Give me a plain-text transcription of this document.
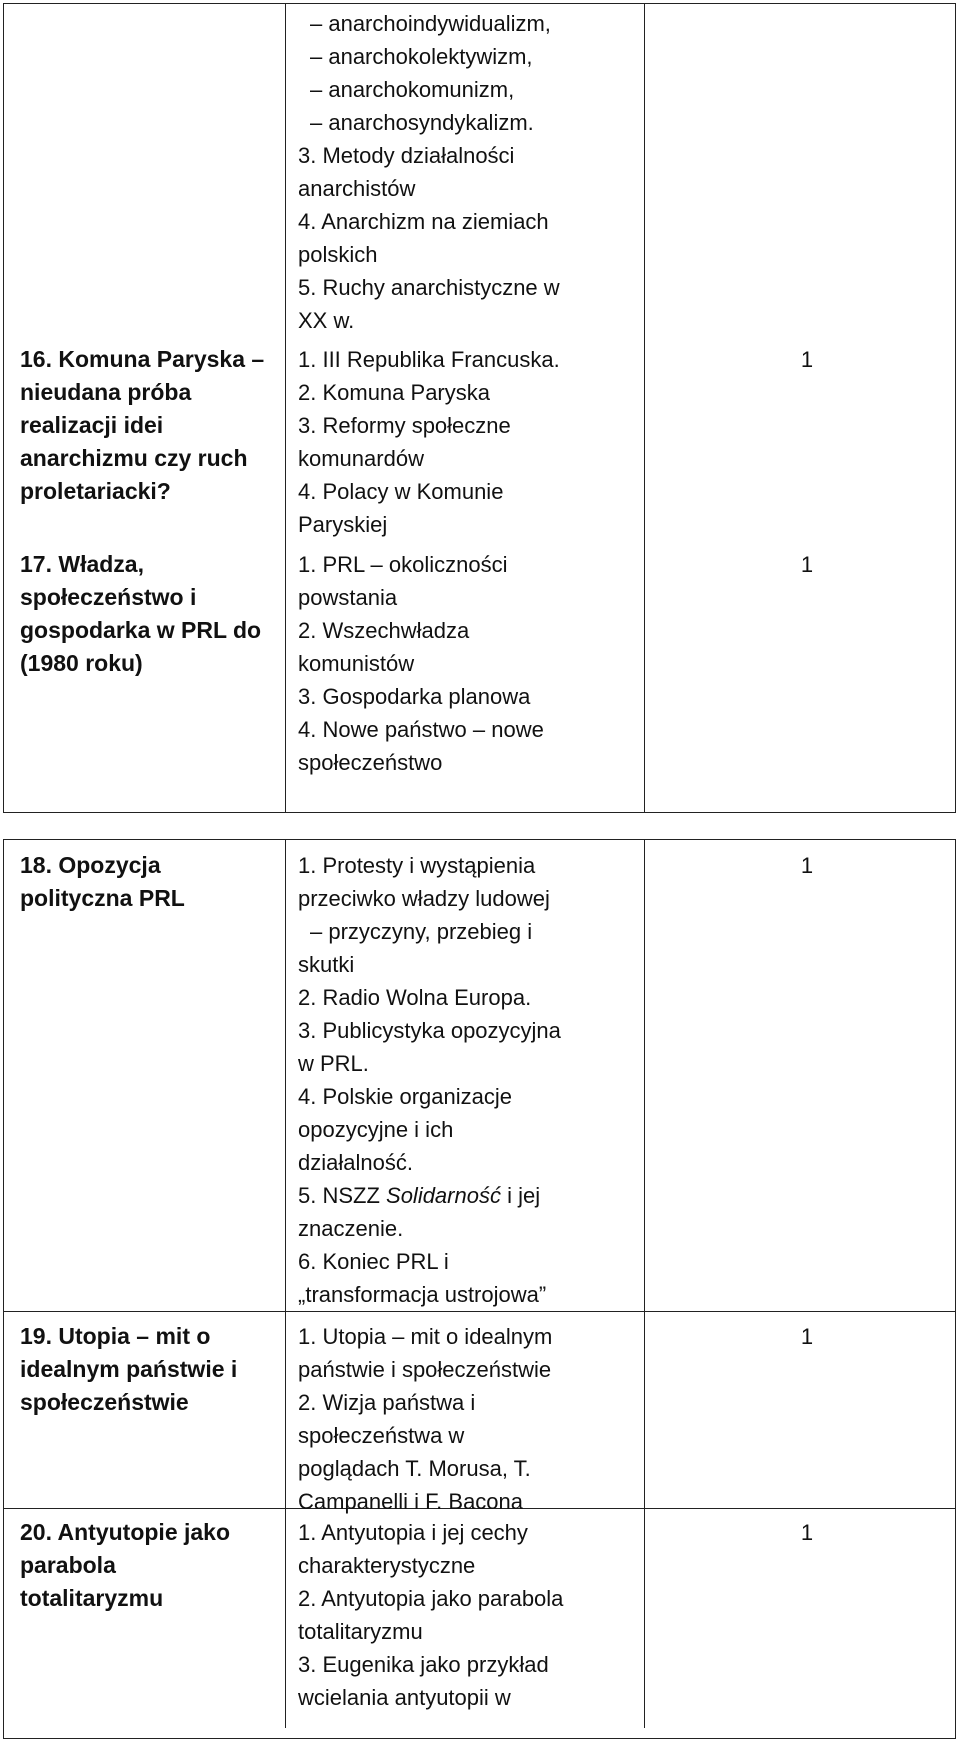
– anarchoindywidualizm,
– anarchokolektywizm,
– anarchokomunizm,
– anarchosyndykalizm.
3. Metody działalności
anarchistów
4. Anarchizm na ziemiach
polskich
5. Ruchy anarchistyczne w
XX w.
16. Komuna Paryska –
nieudana próba
realizacji idei
anarchizmu czy ruch
proletariacki?
1. III Republika Francuska.
2. Komuna Paryska
3. Reformy społeczne
komunardów
4. Polacy w Komunie
Paryskiej
1
17. Władza,
społeczeństwo i
gospodarka w PRL do
(1980 roku)
1. PRL – okoliczności
powstania
2. Wszechwładza
komunistów
3. Gospodarka planowa
4. Nowe państwo – nowe
społeczeństwo
1
18. Opozycja
polityczna PRL
1. Protesty i wystąpienia
przeciwko władzy ludowej
– przyczyny, przebieg i
skutki
2. Radio Wolna Europa.
3. Publicystyka opozycyjna
w PRL.
4. Polskie organizacje
opozycyjne i ich
działalność.
5. NSZZ Solidarność i jej
znaczenie.
6. Koniec PRL i
„transformacja ustrojowa”
1
19. Utopia – mit o
idealnym państwie i
społeczeństwie
1. Utopia – mit o idealnym
państwie i społeczeństwie
2. Wizja państwa i
społeczeństwa w
poglądach T. Morusa, T.
Campanelli i F. Bacona
1
20. Antyutopie jako
parabola
totalitaryzmu
1. Antyutopia i jej cechy
charakterystyczne
2. Antyutopia jako parabola
totalitaryzmu
3. Eugenika jako przykład
wcielania antyutopii w
1
